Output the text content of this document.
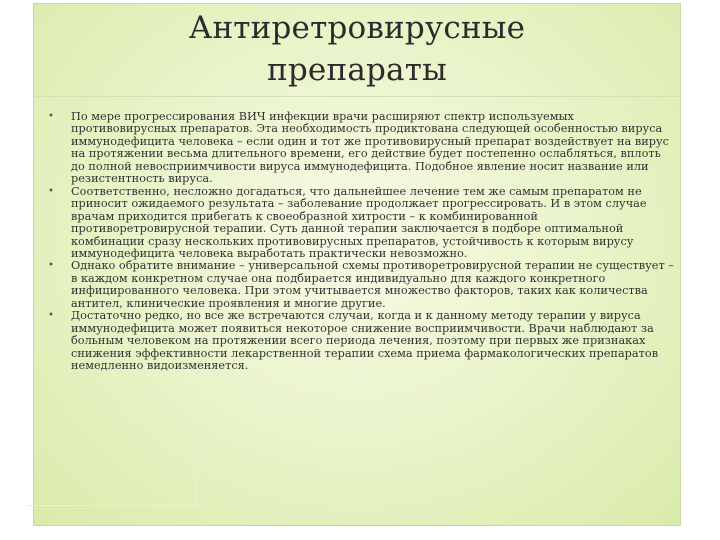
Антиретровирусные
препараты
• По мере прогрессирования ВИЧ инфекции врачи расширяют спектр используемых противовирусных препаратов. Эта необходимость продиктована следующей особенностью вируса иммунодефицита человека – если один и тот же противовирусный препарат воздействует на вирус на протяжении весьма длительного времени, его действие будет постепенно ослабляться, вплоть до полной невосприимчивости вируса иммунодефицита. Подобное явление носит название или резистентность вируса.
• Соответственно, несложно догадаться, что дальнейшее лечение тем же самым препаратом не приносит ожидаемого результата – заболевание продолжает прогрессировать. И в этом случае врачам приходится прибегать к своеобразной хитрости – к комбинированной противоретровирусной терапии. Суть данной терапии заключается в подборе оптимальной комбинации сразу нескольких противовирусных препаратов, устойчивость к которым вирусу иммунодефицита человека выработать практически невозможно.
• Однако обратите внимание – универсальной схемы противоретровирусной терапии не существует – в каждом конкретном случае она подбирается индивидуально для каждого конкретного инфицированного человека. При этом учитывается множество факторов, таких как количества антител, клинические проявления и многие другие.
• Достаточно редко, но все же встречаются случаи, когда и к данному методу терапии у вируса иммунодефицита может появиться некоторое снижение восприимчивости. Врачи наблюдают за больным человеком на протяжении всего периода лечения, поэтому при первых же признаках снижения эффективности лекарственной терапии схема приема фармакологических препаратов немедленно видоизменяется.
